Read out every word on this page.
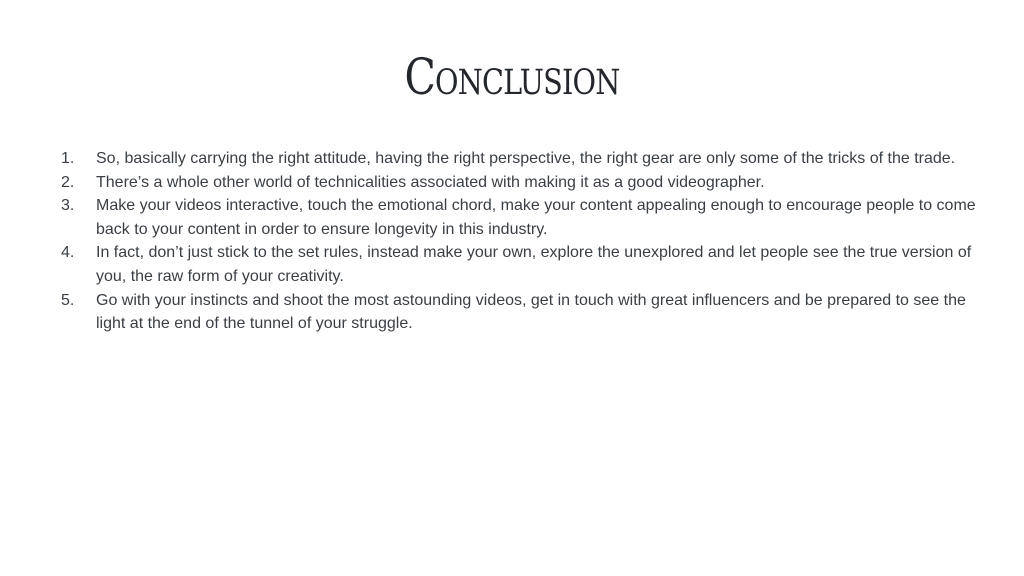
Conclusion
1.	So, basically carrying the right attitude, having the right perspective, the right gear are only some of the tricks of the trade.
2.	There’s a whole other world of technicalities associated with making it as a good videographer.
3.	Make your videos interactive, touch the emotional chord, make your content appealing enough to encourage people to come back to your content in order to ensure longevity in this industry.
4.	In fact, don’t just stick to the set rules, instead make your own, explore the unexplored and let people see the true version of you, the raw form of your creativity.
5.	Go with your instincts and shoot the most astounding videos, get in touch with great influencers and be prepared to see the light at the end of the tunnel of your struggle.
